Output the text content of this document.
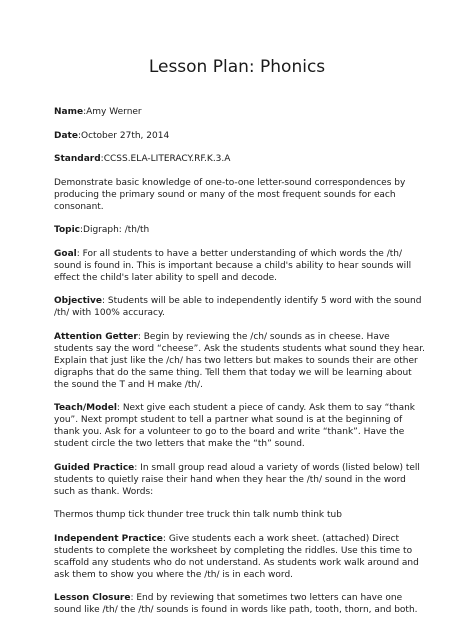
Lesson Plan: Phonics

Name:Amy Werner

Date:October 27th, 2014

Standard:CCSS.ELA-LITERACY.RF.K.3.A

Demonstrate basic knowledge of one-to-one letter-sound correspondences by producing the primary sound or many of the most frequent sounds for each consonant.

Topic:Digraph: /th/th

Goal: For all students to have a better understanding of which words the /th/ sound is found in. This is important because a child's ability to hear sounds will effect the child's later ability to spell and decode.

Objective: Students will be able to independently identify 5 word with the sound /th/ with 100% accuracy.

Attention Getter: Begin by reviewing the /ch/ sounds as in cheese. Have students say the word “cheese”. Ask the students students what sound they hear. Explain that just like the /ch/ has two letters but makes to sounds their are other digraphs that do the same thing. Tell them that today we will be learning about the sound the T and H make /th/.

Teach/Model: Next give each student a piece of candy. Ask them to say “thank you”. Next prompt student to tell a partner what sound is at the beginning of thank you. Ask for a volunteer to go to the board and write “thank”. Have the student circle the two letters that make the “th” sound.

Guided Practice: In small group read aloud a variety of words (listed below) tell students to quietly raise their hand when they hear the /th/ sound in the word such as thank. Words:

Thermos thump tick thunder tree truck thin talk numb think tub

Independent Practice: Give students each a work sheet. (attached) Direct students to complete the worksheet by completing the riddles. Use this time to scaffold any students who do not understand. As students work walk around and ask them to show you where the /th/ is in each word.

Lesson Closure: End by reviewing that sometimes two letters can have one sound like /th/ the /th/ sounds is found in words like path, tooth, thorn, and both.
